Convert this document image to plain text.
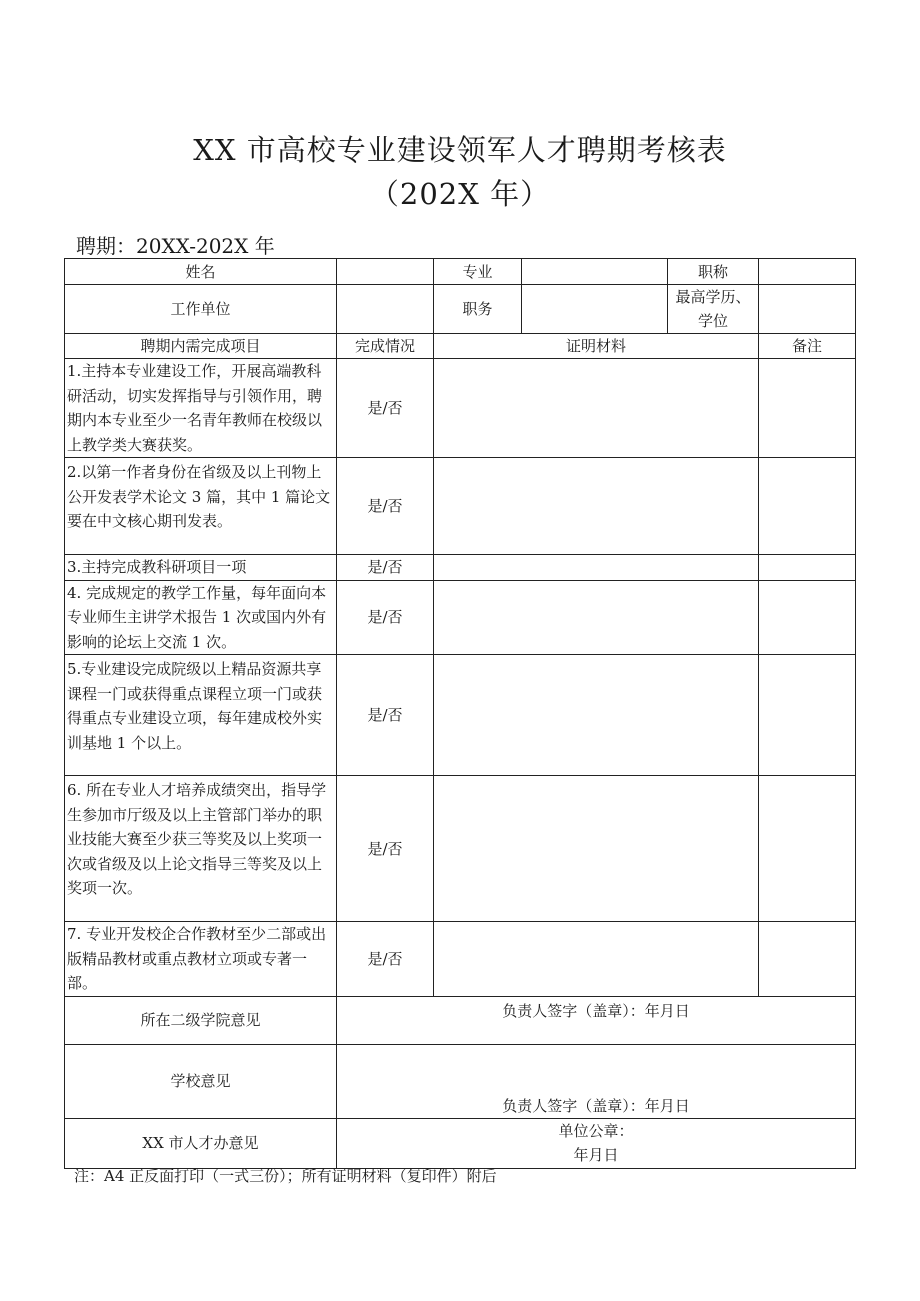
XX 市高校专业建设领军人才聘期考核表
（202X 年）
聘期：20XX-202X 年
姓名		专业		职称	
工作单位		职务		最高学历、学位	
聘期内需完成项目	完成情况	证明材料			备注
1.主持本专业建设工作，开展高端教科研活动，切实发挥指导与引领作用，聘期内本专业至少一名青年教师在校级以上教学类大赛获奖。	是/否				
2.以第一作者身份在省级及以上刊物上公开发表学术论文 3 篇，其中 1 篇论文要在中文核心期刊发表。	是/否				
3.主持完成教科研项目一项	是/否				
4. 完成规定的教学工作量，每年面向本专业师生主讲学术报告 1 次或国内外有影响的论坛上交流 1 次。	是/否				
5.专业建设完成院级以上精品资源共享课程一门或获得重点课程立项一门或获得重点专业建设立项，每年建成校外实训基地 1 个以上。	是/否				
6. 所在专业人才培养成绩突出，指导学生参加市厅级及以上主管部门举办的职业技能大赛至少获三等奖及以上奖项一次或省级及以上论文指导三等奖及以上奖项一次。	是/否				
7. 专业开发校企合作教材至少二部或出版精品教材或重点教材立项或专著一部。	是/否				
所在二级学院意见	负责人签字（盖章）：年月日				
学校意见	负责人签字（盖章）：年月日				
XX 市人才办意见	单位公章：
年月日				
注：A4 正反面打印（一式三份）；所有证明材料（复印件）附后
